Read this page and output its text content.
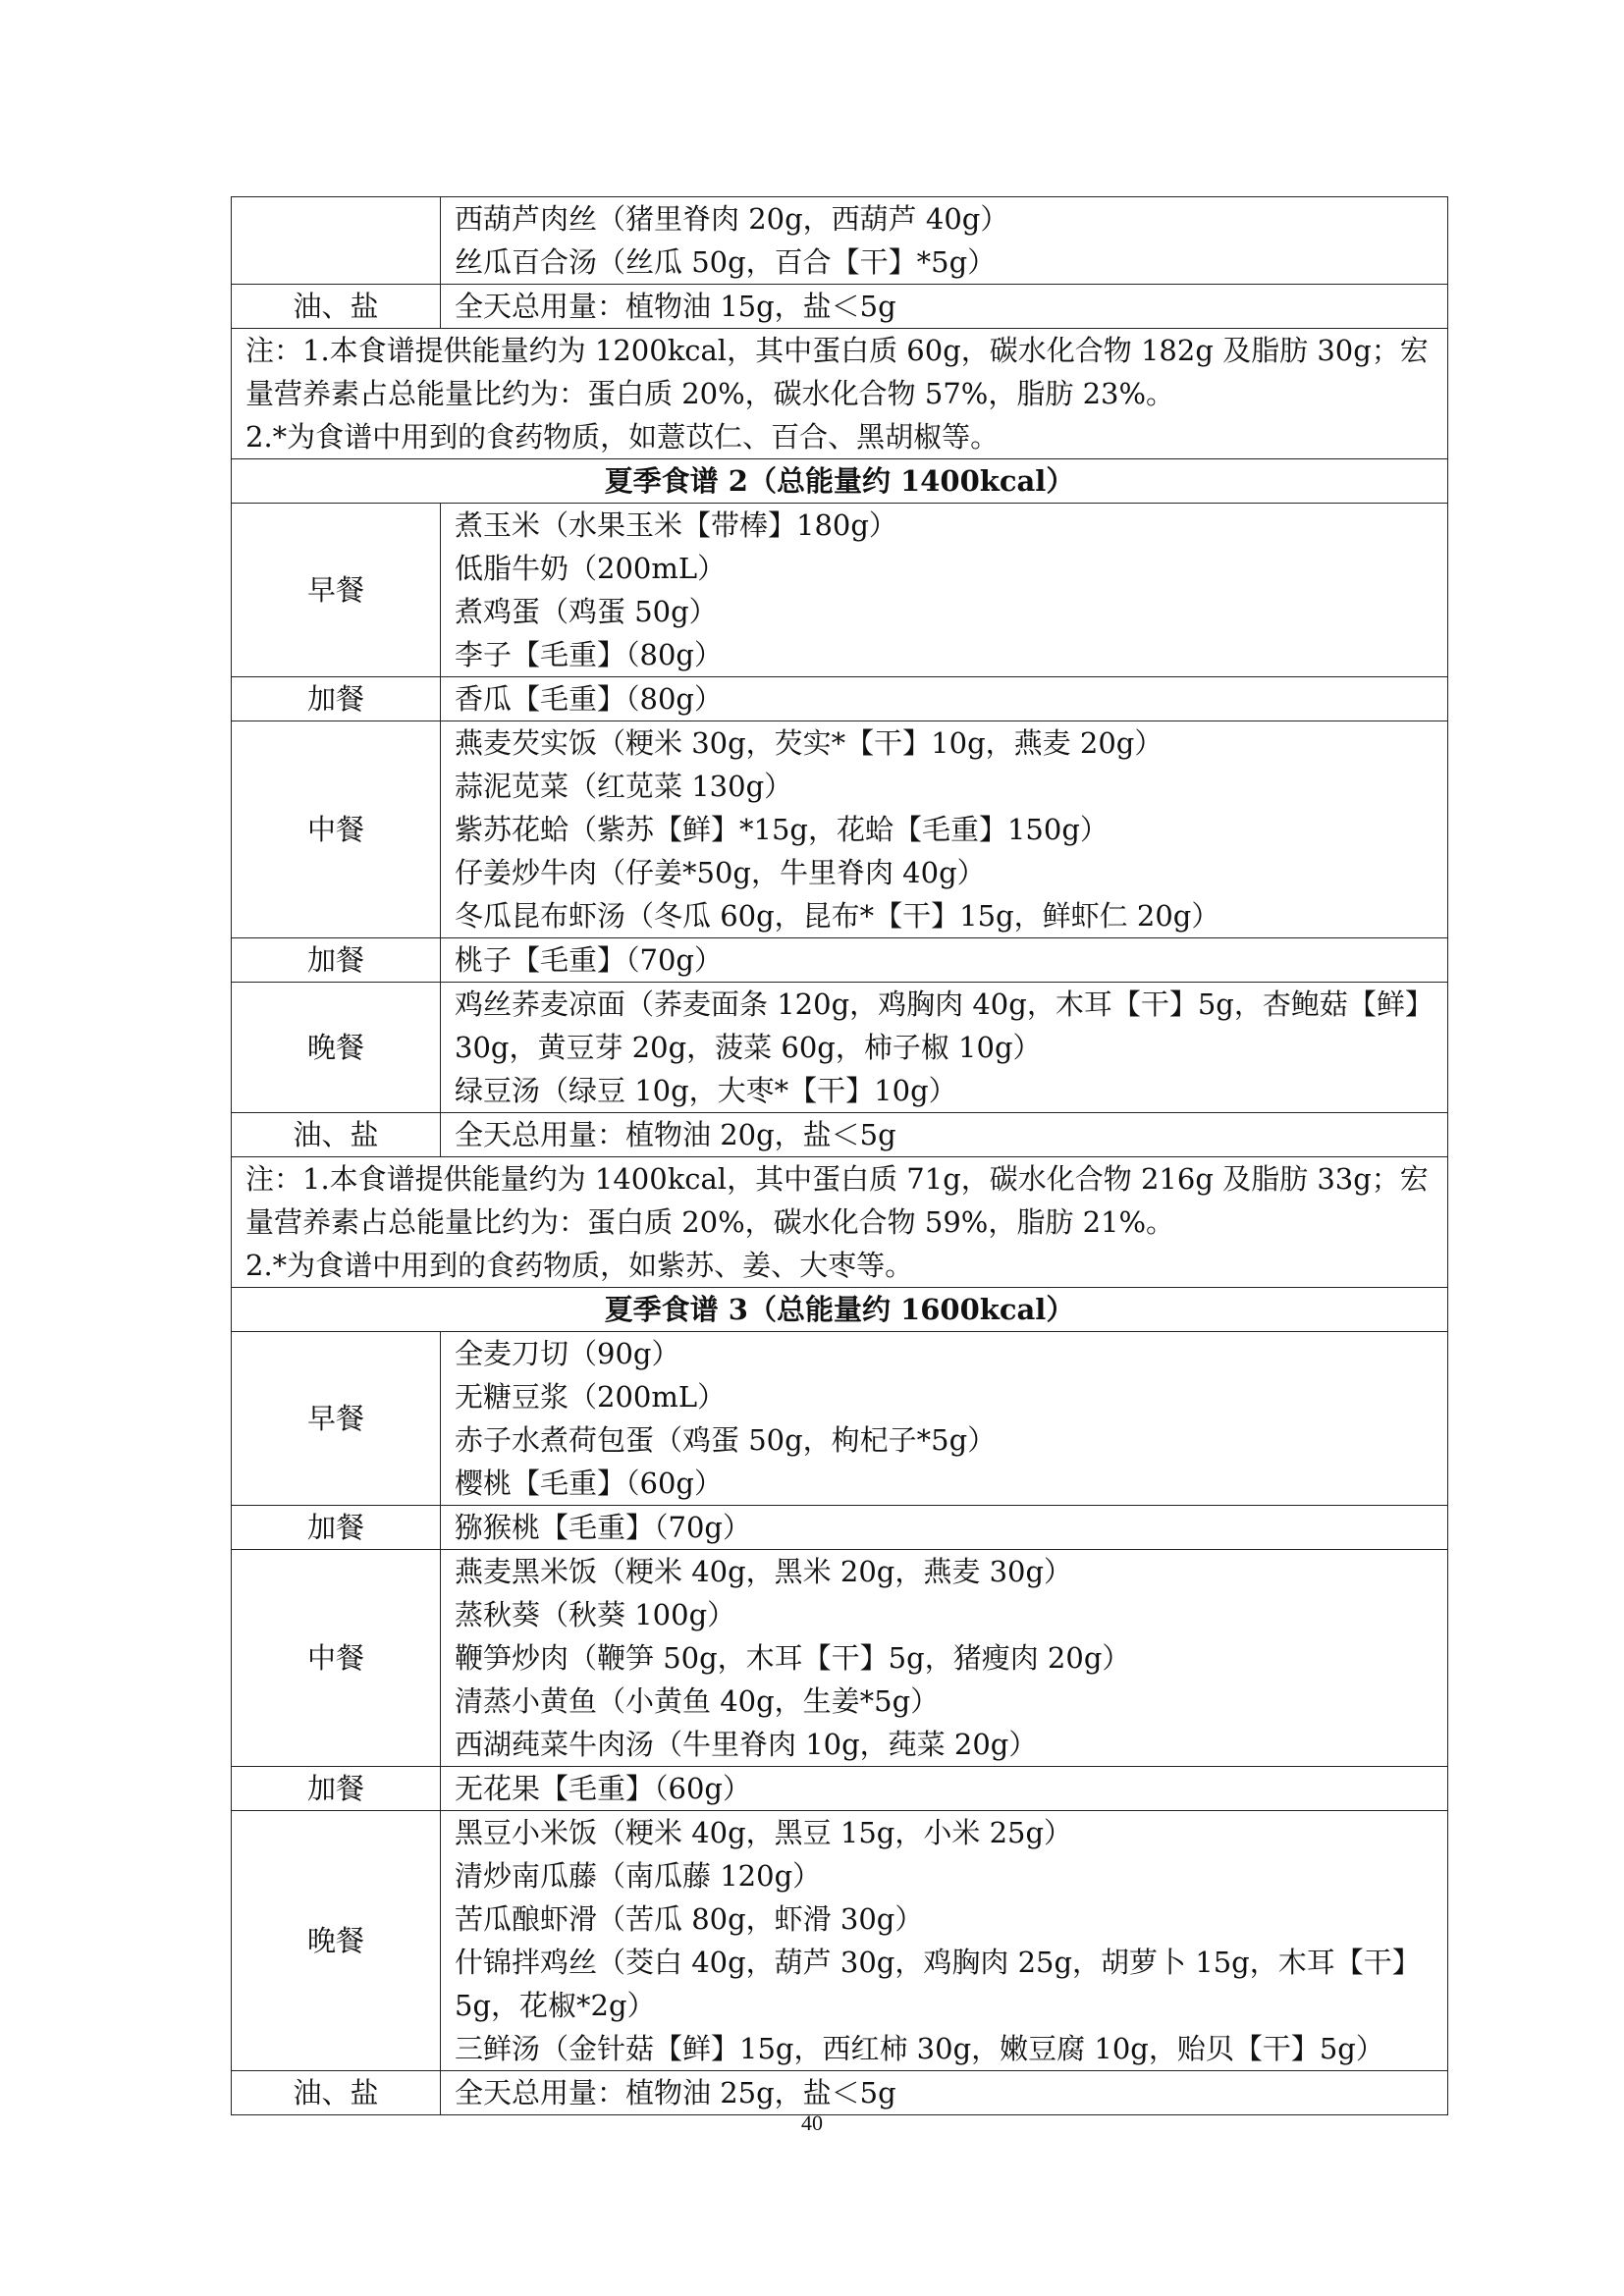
	西葫芦肉丝（猪里脊肉 20g，西葫芦 40g）
丝瓜百合汤（丝瓜 50g，百合【干】*5g）

油、盐	全天总用量：植物油 15g，盐＜5g

注：1.本食谱提供能量约为 1200kcal，其中蛋白质 60g，碳水化合物 182g 及脂肪 30g；宏量营养素占总能量比约为：蛋白质 20%，碳水化合物 57%，脂肪 23%。
2.*为食谱中用到的食药物质，如薏苡仁、百合、黑胡椒等。	

夏季食谱 2（总能量约 1400kcal）	
早餐	煮玉米（水果玉米【带棒】180g）
低脂牛奶（200mL）
煮鸡蛋（鸡蛋 50g）
李子【毛重】（80g）

加餐	香瓜【毛重】（80g）

中餐	燕麦芡实饭（粳米 30g，芡实*【干】10g，燕麦 20g）
蒜泥苋菜（红苋菜 130g）
紫苏花蛤（紫苏【鲜】*15g，花蛤【毛重】150g）
仔姜炒牛肉（仔姜*50g，牛里脊肉 40g）
冬瓜昆布虾汤（冬瓜 60g，昆布*【干】15g，鲜虾仁 20g）

加餐	桃子【毛重】（70g）

晚餐	鸡丝荞麦凉面（荞麦面条 120g，鸡胸肉 40g，木耳【干】5g，杏鲍菇【鲜】30g，黄豆芽 20g，菠菜 60g，柿子椒 10g）
绿豆汤（绿豆 10g，大枣*【干】10g）

油、盐	全天总用量：植物油 20g，盐＜5g

注：1.本食谱提供能量约为 1400kcal，其中蛋白质 71g，碳水化合物 216g 及脂肪 33g；宏量营养素占总能量比约为：蛋白质 20%，碳水化合物 59%，脂肪 21%。
2.*为食谱中用到的食药物质，如紫苏、姜、大枣等。	

夏季食谱 3（总能量约 1600kcal）	
早餐	全麦刀切（90g）
无糖豆浆（200mL）
赤子水煮荷包蛋（鸡蛋 50g，枸杞子*5g）
樱桃【毛重】（60g）

加餐	猕猴桃【毛重】（70g）

中餐	燕麦黑米饭（粳米 40g，黑米 20g，燕麦 30g）
蒸秋葵（秋葵 100g）
鞭笋炒肉（鞭笋 50g，木耳【干】5g，猪瘦肉 20g）
清蒸小黄鱼（小黄鱼 40g，生姜*5g）
西湖莼菜牛肉汤（牛里脊肉 10g，莼菜 20g）

加餐	无花果【毛重】（60g）

晚餐	黑豆小米饭（粳米 40g，黑豆 15g，小米 25g）
清炒南瓜藤（南瓜藤 120g）
苦瓜酿虾滑（苦瓜 80g，虾滑 30g）
什锦拌鸡丝（茭白 40g，葫芦 30g，鸡胸肉 25g，胡萝卜 15g，木耳【干】5g，花椒*2g）
三鲜汤（金针菇【鲜】15g，西红柿 30g，嫩豆腐 10g，贻贝【干】5g）

油、盐	全天总用量：植物油 25g，盐＜5g
40
